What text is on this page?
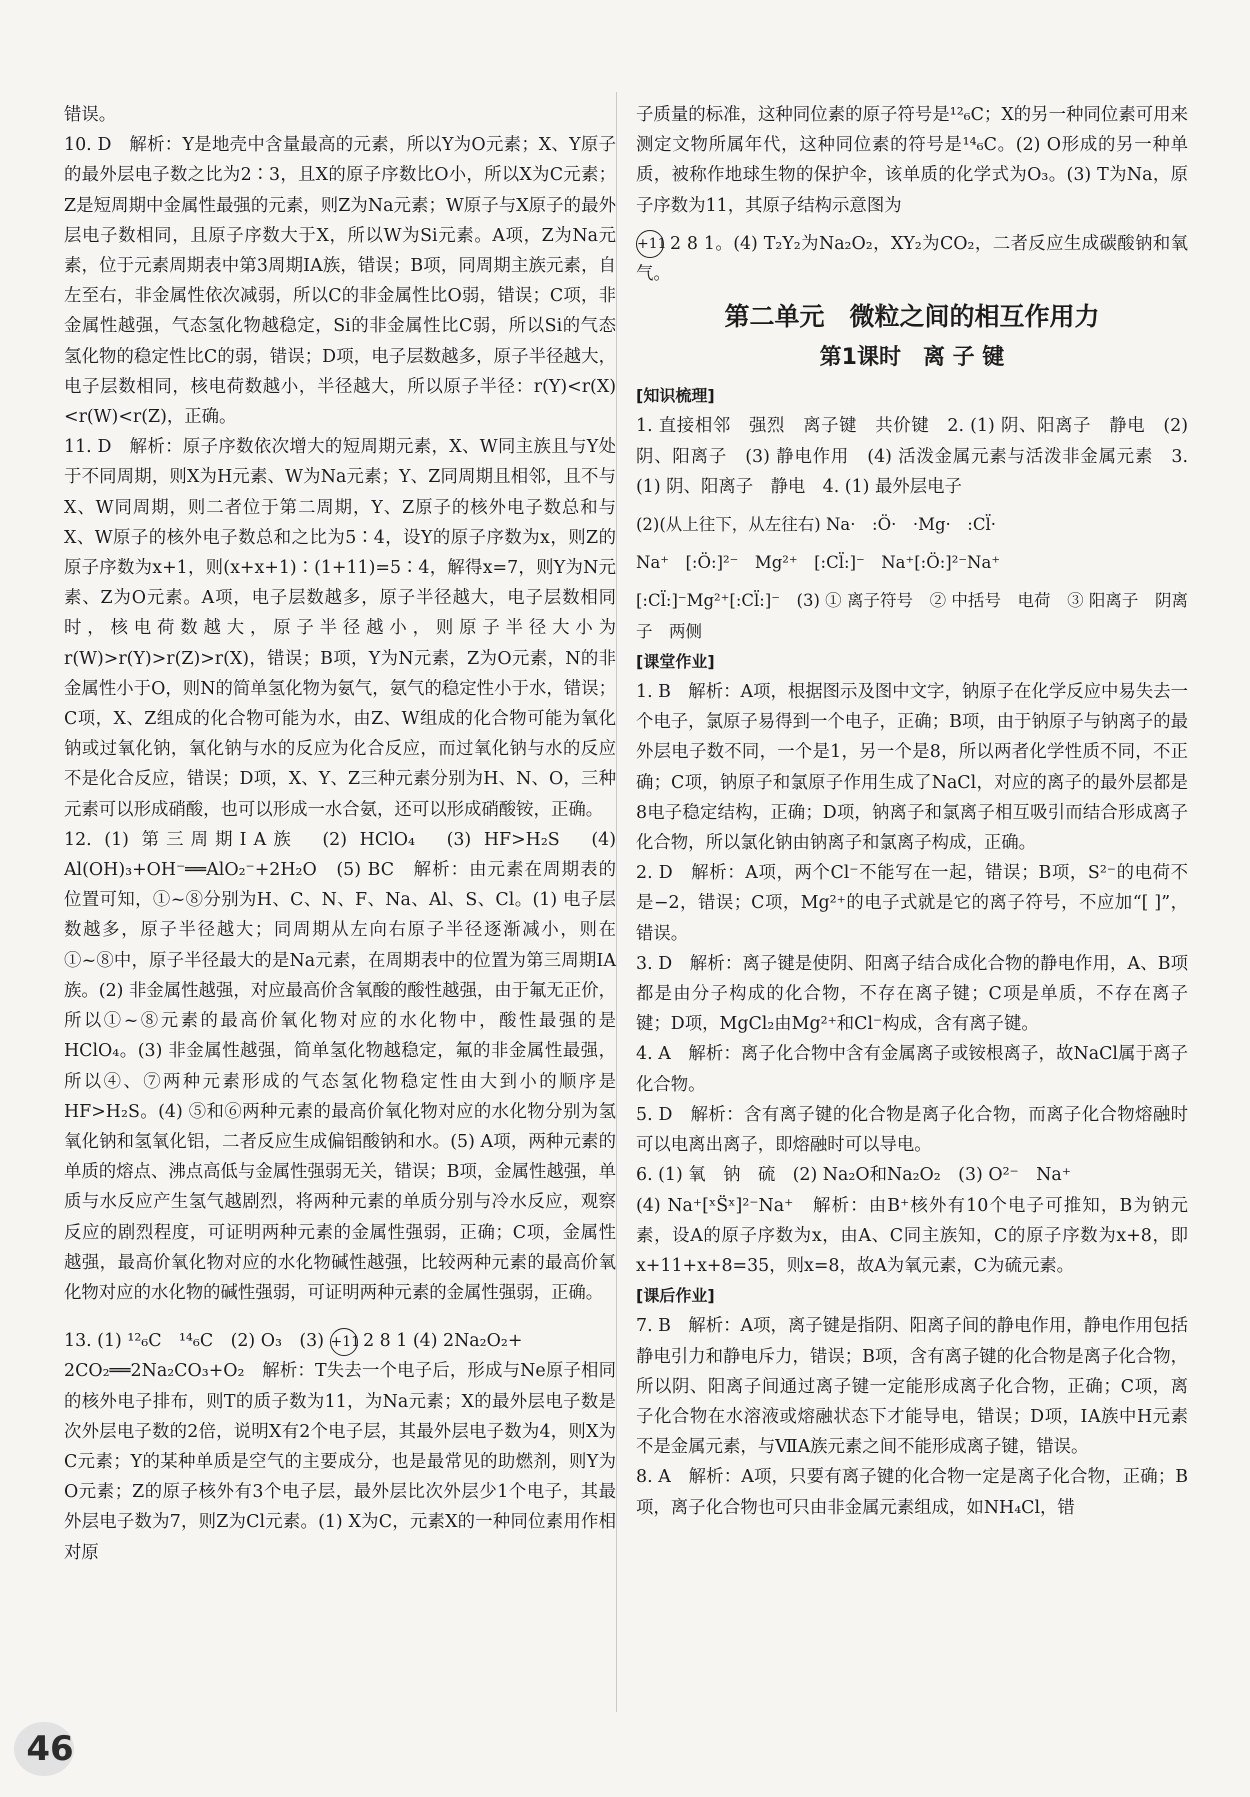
错误。

10. D　解析：Y是地壳中含量最高的元素，所以Y为O元素；X、Y原子的最外层电子数之比为2∶3，且X的原子序数比O小，所以X为C元素；Z是短周期中金属性最强的元素，则Z为Na元素；W原子与X原子的最外层电子数相同，且原子序数大于X，所以W为Si元素。A项，Z为Na元素，位于元素周期表中第3周期ⅠA族，错误；B项，同周期主族元素，自左至右，非金属性依次减弱，所以C的非金属性比O弱，错误；C项，非金属性越强，气态氢化物越稳定，Si的非金属性比C弱，所以Si的气态氢化物的稳定性比C的弱，错误；D项，电子层数越多，原子半径越大，电子层数相同，核电荷数越小，半径越大，所以原子半径：r(Y)<r(X)<r(W)<r(Z)，正确。

11. D　解析：原子序数依次增大的短周期元素，X、W同主族且与Y处于不同周期，则X为H元素、W为Na元素；Y、Z同周期且相邻，且不与X、W同周期，则二者位于第二周期，Y、Z原子的核外电子数总和与X、W原子的核外电子数总和之比为5∶4，设Y的原子序数为x，则Z的原子序数为x+1，则(x+x+1)∶(1+11)=5∶4，解得x=7，则Y为N元素、Z为O元素。A项，电子层数越多，原子半径越大，电子层数相同时，核电荷数越大，原子半径越小，则原子半径大小为r(W)>r(Y)>r(Z)>r(X)，错误；B项，Y为N元素，Z为O元素，N的非金属性小于O，则N的简单氢化物为氨气，氨气的稳定性小于水，错误；C项，X、Z组成的化合物可能为水，由Z、W组成的化合物可能为氧化钠或过氧化钠，氧化钠与水的反应为化合反应，而过氧化钠与水的反应不是化合反应，错误；D项，X、Y、Z三种元素分别为H、N、O，三种元素可以形成硝酸，也可以形成一水合氨，还可以形成硝酸铵，正确。

12. (1) 第三周期ⅠA族　(2) HClO₄　(3) HF>H₂S　(4) Al(OH)₃+OH⁻══AlO₂⁻+2H₂O　(5) BC　解析：由元素在周期表的位置可知，①~⑧分别为H、C、N、F、Na、Al、S、Cl。(1) 电子层数越多，原子半径越大；同周期从左向右原子半径逐渐减小，则在①~⑧中，原子半径最大的是Na元素，在周期表中的位置为第三周期ⅠA族。(2) 非金属性越强，对应最高价含氧酸的酸性越强，由于氟无正价，所以①~⑧元素的最高价氧化物对应的水化物中，酸性最强的是HClO₄。(3) 非金属性越强，简单氢化物越稳定，氟的非金属性最强，所以④、⑦两种元素形成的气态氢化物稳定性由大到小的顺序是HF>H₂S。(4) ⑤和⑥两种元素的最高价氧化物对应的水化物分别为氢氧化钠和氢氧化铝，二者反应生成偏铝酸钠和水。(5) A项，两种元素的单质的熔点、沸点高低与金属性强弱无关，错误；B项，金属性越强，单质与水反应产生氢气越剧烈，将两种元素的单质分别与冷水反应，观察反应的剧烈程度，可证明两种元素的金属性强弱，正确；C项，金属性越强，最高价氧化物对应的水化物碱性越强，比较两种元素的最高价氧化物对应的水化物的碱性强弱，可证明两种元素的金属性强弱，正确。

13. (1) ¹²₆C　¹⁴₆C　(2) O₃　(3) +11 2 8 1 (4) 2Na₂O₂+

2CO₂══2Na₂CO₃+O₂　解析：T失去一个电子后，形成与Ne原子相同的核外电子排布，则T的质子数为11，为Na元素；X的最外层电子数是次外层电子数的2倍，说明X有2个电子层，其最外层电子数为4，则X为C元素；Y的某种单质是空气的主要成分，也是最常见的助燃剂，则Y为O元素；Z的原子核外有3个电子层，最外层比次外层少1个电子，其最外层电子数为7，则Z为Cl元素。(1) X为C，元素X的一种同位素用作相对原

子质量的标准，这种同位素的原子符号是¹²₆C；X的另一种同位素可用来测定文物所属年代，这种同位素的符号是¹⁴₆C。(2) O形成的另一种单质，被称作地球生物的保护伞，该单质的化学式为O₃。(3) T为Na，原子序数为11，其原子结构示意图为

+11 2 8 1。(4) T₂Y₂为Na₂O₂，XY₂为CO₂，二者反应生成碳酸钠和氧气。

第二单元　微粒之间的相互作用力
第1课时　离 子 键
[知识梳理]

1. 直接相邻　强烈　离子键　共价键　2. (1) 阴、阳离子　静电　(2) 阴、阳离子　(3) 静电作用　(4) 活泼金属元素与活泼非金属元素　3. (1) 阴、阳离子　静电　4. (1) 最外层电子

(2)(从上往下，从左往右) Na·　:Ö·　·Mg·　:Cl̈·

Na⁺　[:Ö:]²⁻　Mg²⁺　[:Cl̈:]⁻　Na⁺[:Ö:]²⁻Na⁺

[:Cl̈:]⁻Mg²⁺[:Cl̈:]⁻　(3) ① 离子符号　② 中括号　电荷　③ 阳离子　阴离子　两侧

[课堂作业]

1. B　解析：A项，根据图示及图中文字，钠原子在化学反应中易失去一个电子，氯原子易得到一个电子，正确；B项，由于钠原子与钠离子的最外层电子数不同，一个是1，另一个是8，所以两者化学性质不同，不正确；C项，钠原子和氯原子作用生成了NaCl，对应的离子的最外层都是8电子稳定结构，正确；D项，钠离子和氯离子相互吸引而结合形成离子化合物，所以氯化钠由钠离子和氯离子构成，正确。

2. D　解析：A项，两个Cl⁻不能写在一起，错误；B项，S²⁻的电荷不是−2，错误；C项，Mg²⁺的电子式就是它的离子符号，不应加“[ ]”，错误。

3. D　解析：离子键是使阴、阳离子结合成化合物的静电作用，A、B项都是由分子构成的化合物，不存在离子键；C项是单质，不存在离子键；D项，MgCl₂由Mg²⁺和Cl⁻构成，含有离子键。

4. A　解析：离子化合物中含有金属离子或铵根离子，故NaCl属于离子化合物。

5. D　解析：含有离子键的化合物是离子化合物，而离子化合物熔融时可以电离出离子，即熔融时可以导电。

6. (1) 氧　钠　硫　(2) Na₂O和Na₂O₂　(3) O²⁻　Na⁺

(4) Na⁺[ˣS̈ˣ]²⁻Na⁺　解析：由B⁺核外有10个电子可推知，B为钠元素，设A的原子序数为x，由A、C同主族知，C的原子序数为x+8，即x+11+x+8=35，则x=8，故A为氧元素，C为硫元素。

[课后作业]

7. B　解析：A项，离子键是指阴、阳离子间的静电作用，静电作用包括静电引力和静电斥力，错误；B项，含有离子键的化合物是离子化合物，所以阴、阳离子间通过离子键一定能形成离子化合物，正确；C项，离子化合物在水溶液或熔融状态下才能导电，错误；D项，ⅠA族中H元素不是金属元素，与ⅦA族元素之间不能形成离子键，错误。

8. A　解析：A项，只要有离子键的化合物一定是离子化合物，正确；B项，离子化合物也可只由非金属元素组成，如NH₄Cl，错

46
